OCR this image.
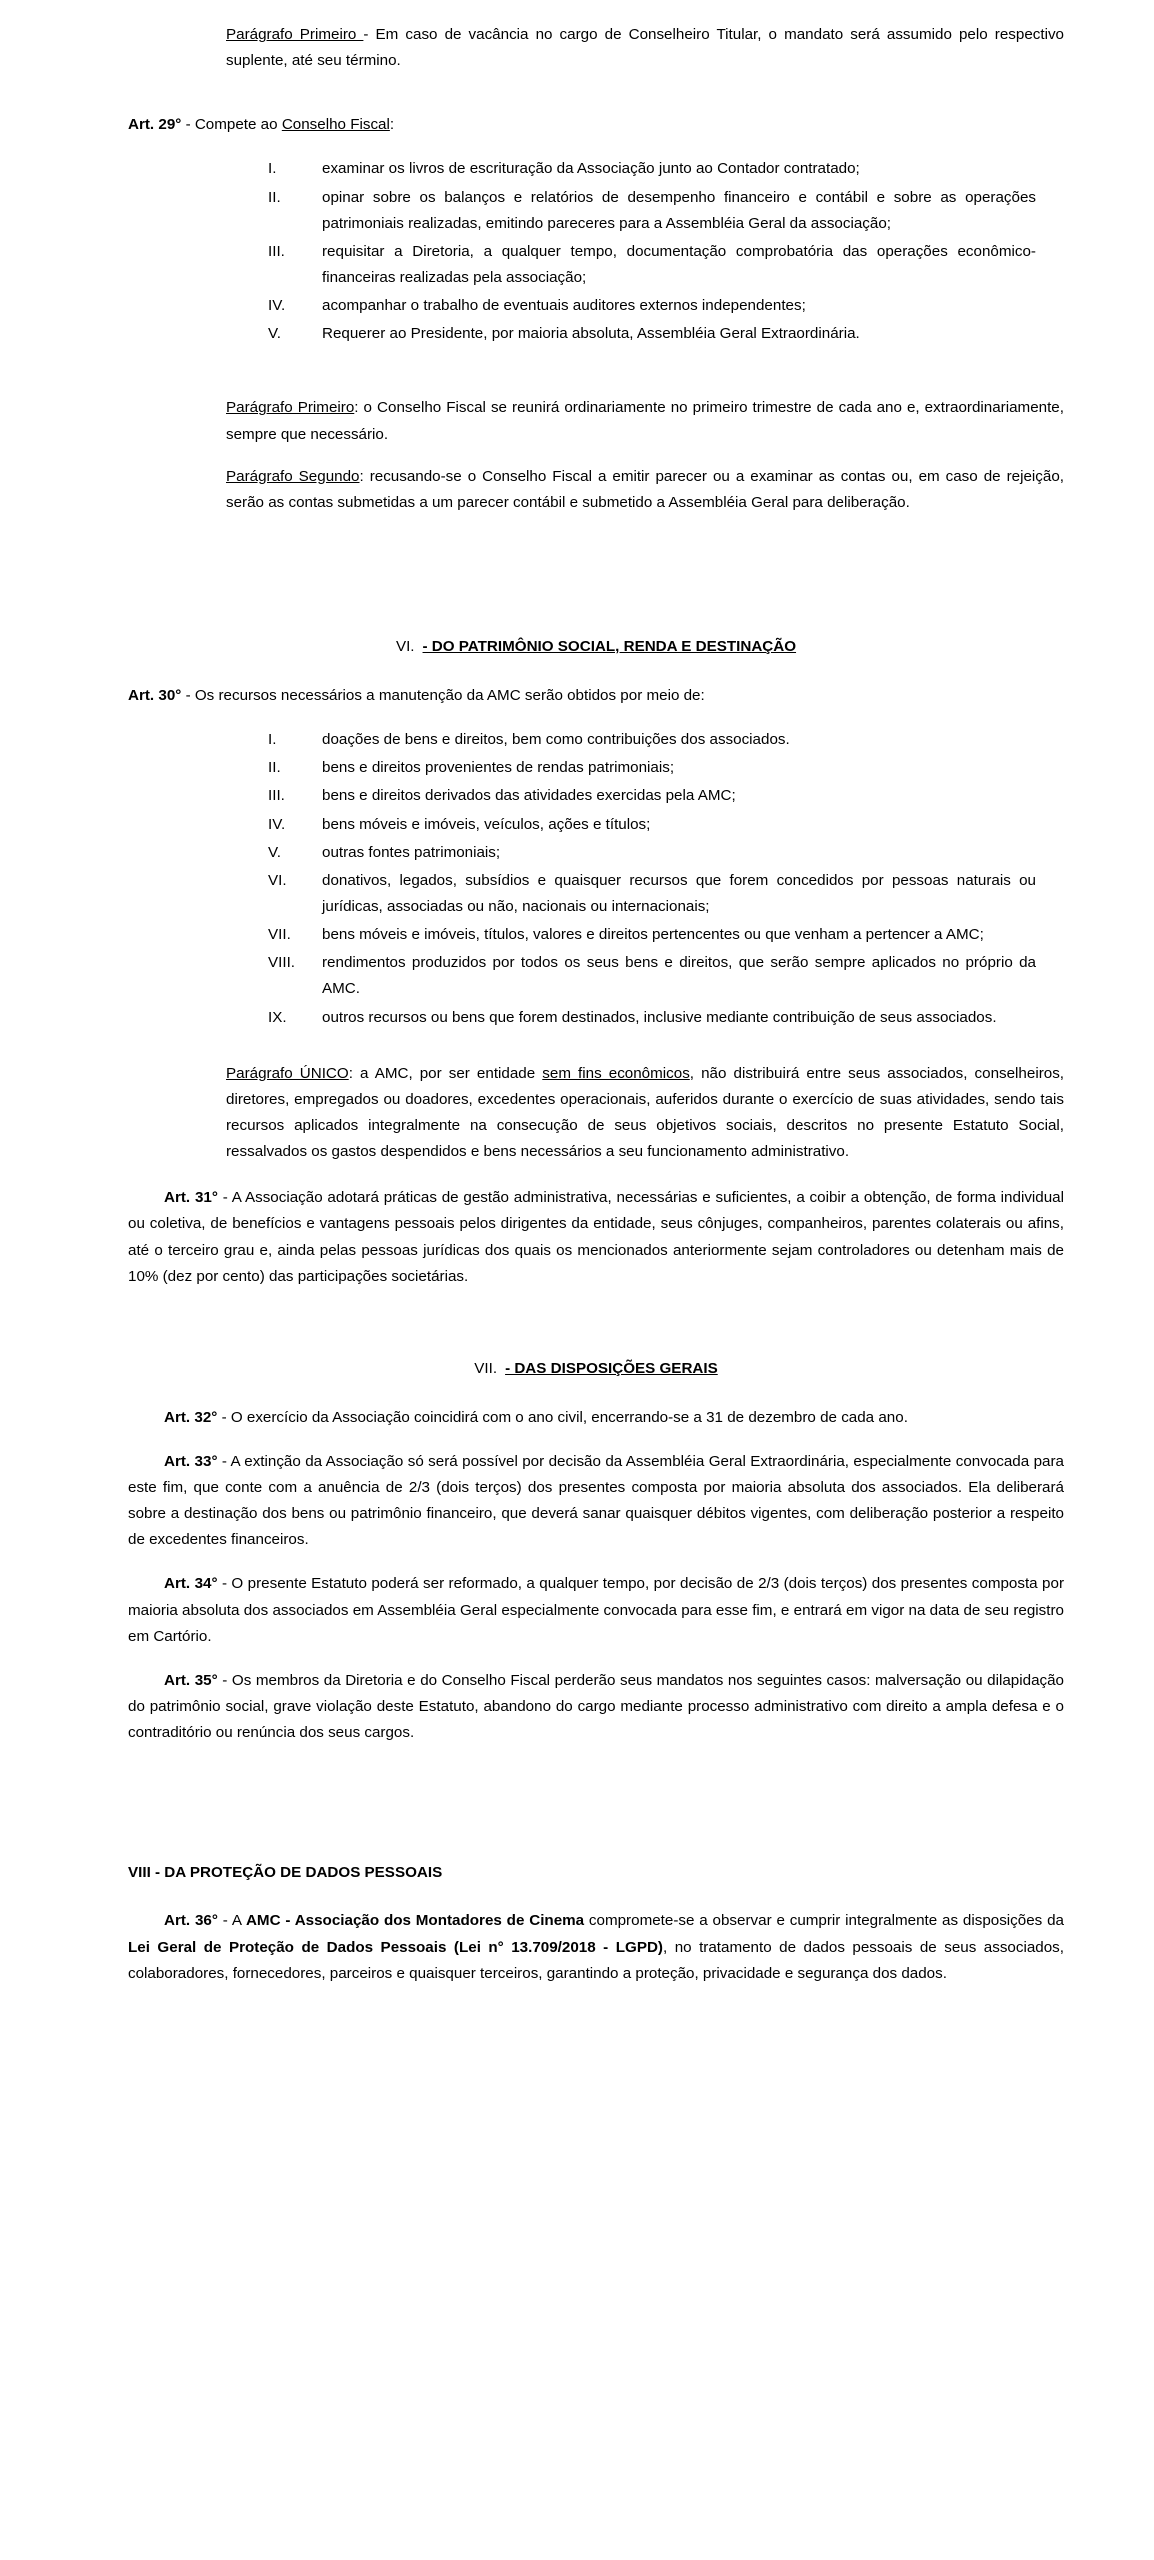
Parágrafo Primeiro - Em caso de vacância no cargo de Conselheiro Titular, o mandato será assumido pelo respectivo suplente, até seu término.

Art. 29° - Compete ao Conselho Fiscal:

I.	examinar os livros de escrituração da Associação junto ao Contador contratado;
II.	opinar sobre os balanços e relatórios de desempenho financeiro e contábil e sobre as operações patrimoniais realizadas, emitindo pareceres para a Assembléia Geral da associação;
III.	requisitar a Diretoria, a qualquer tempo, documentação comprobatória das operações econômico-financeiras realizadas pela associação;
IV.	acompanhar o trabalho de eventuais auditores externos independentes;
V.	Requerer ao Presidente, por maioria absoluta, Assembléia Geral Extraordinária.

Parágrafo Primeiro: o Conselho Fiscal se reunirá ordinariamente no primeiro trimestre de cada ano e, extraordinariamente, sempre que necessário.

Parágrafo Segundo: recusando-se o Conselho Fiscal a emitir parecer ou a examinar as contas ou, em caso de rejeição, serão as contas submetidas a um parecer contábil e submetido a Assembléia Geral para deliberação.

VI. - DO PATRIMÔNIO SOCIAL, RENDA E DESTINAÇÃO

Art. 30° - Os recursos necessários a manutenção da AMC serão obtidos por meio de:

I.	doações de bens e direitos, bem como contribuições dos associados.
II.	bens e direitos provenientes de rendas patrimoniais;
III.	bens e direitos derivados das atividades exercidas pela AMC;
IV.	bens móveis e imóveis, veículos, ações e títulos;
V.	outras fontes patrimoniais;
VI.	donativos, legados, subsídios e quaisquer recursos que forem concedidos por pessoas naturais ou jurídicas, associadas ou não, nacionais ou internacionais;
VII.	bens móveis e imóveis, títulos, valores e direitos pertencentes ou que venham a pertencer a AMC;
VIII.	rendimentos produzidos por todos os seus bens e direitos, que serão sempre aplicados no próprio da AMC.
IX.	outros recursos ou bens que forem destinados, inclusive mediante contribuição de seus associados.

Parágrafo ÚNICO: a AMC, por ser entidade sem fins econômicos, não distribuirá entre seus associados, conselheiros, diretores, empregados ou doadores, excedentes operacionais, auferidos durante o exercício de suas atividades, sendo tais recursos aplicados integralmente na consecução de seus objetivos sociais, descritos no presente Estatuto Social, ressalvados os gastos despendidos e bens necessários a seu funcionamento administrativo.

Art. 31° - A Associação adotará práticas de gestão administrativa, necessárias e suficientes, a coibir a obtenção, de forma individual ou coletiva, de benefícios e vantagens pessoais pelos dirigentes da entidade, seus cônjuges, companheiros, parentes colaterais ou afins, até o terceiro grau e, ainda pelas pessoas jurídicas dos quais os mencionados anteriormente sejam controladores ou detenham mais de 10% (dez por cento) das participações societárias.

VII. - DAS DISPOSIÇÕES GERAIS

Art. 32° - O exercício da Associação coincidirá com o ano civil, encerrando-se a 31 de dezembro de cada ano.

Art. 33° - A extinção da Associação só será possível por decisão da Assembléia Geral Extraordinária, especialmente convocada para este fim, que conte com a anuência de 2/3 (dois terços) dos presentes composta por maioria absoluta dos associados. Ela deliberará sobre a destinação dos bens ou patrimônio financeiro, que deverá sanar quaisquer débitos vigentes, com deliberação posterior a respeito de excedentes financeiros.

Art. 34° - O presente Estatuto poderá ser reformado, a qualquer tempo, por decisão de 2/3 (dois terços) dos presentes composta por maioria absoluta dos associados em Assembléia Geral especialmente convocada para esse fim, e entrará em vigor na data de seu registro em Cartório.

Art. 35° - Os membros da Diretoria e do Conselho Fiscal perderão seus mandatos nos seguintes casos: malversação ou dilapidação do patrimônio social, grave violação deste Estatuto, abandono do cargo mediante processo administrativo com direito a ampla defesa e o contraditório ou renúncia dos seus cargos.

VIII - DA PROTEÇÃO DE DADOS PESSOAIS

Art. 36° - A AMC - Associação dos Montadores de Cinema compromete-se a observar e cumprir integralmente as disposições da Lei Geral de Proteção de Dados Pessoais (Lei n° 13.709/2018 - LGPD), no tratamento de dados pessoais de seus associados, colaboradores, fornecedores, parceiros e quaisquer terceiros, garantindo a proteção, privacidade e segurança dos dados.
